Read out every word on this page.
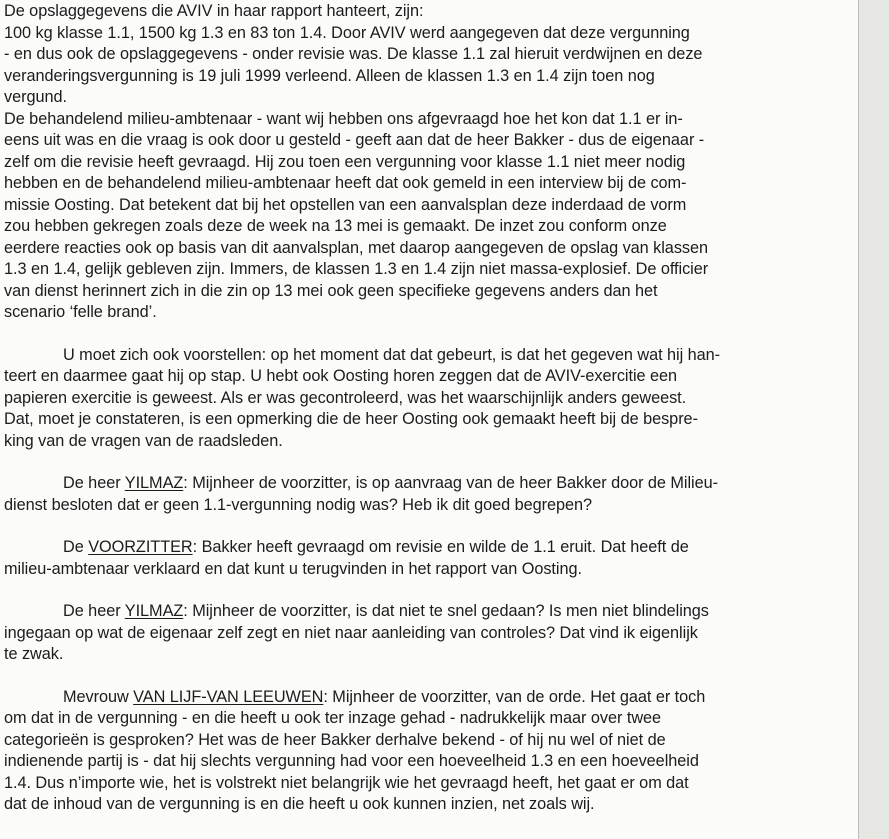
De opslaggegevens die AVIV in haar rapport hanteert, zijn:
100 kg klasse 1.1, 1500 kg 1.3 en 83 ton 1.4. Door AVIV werd aangegeven dat deze vergunning
- en dus ook de opslaggegevens - onder revisie was. De klasse 1.1 zal hieruit verdwijnen en deze
veranderingsvergunning is 19 juli 1999 verleend. Alleen de klassen 1.3 en 1.4 zijn toen nog
vergund.

De behandelend milieu-ambtenaar - want wij hebben ons afgevraagd hoe het kon dat 1.1 er in-
eens uit was en die vraag is ook door u gesteld - geeft aan dat de heer Bakker - dus de eigenaar -
zelf om die revisie heeft gevraagd. Hij zou toen een vergunning voor klasse 1.1 niet meer nodig
hebben en de behandelend milieu-ambtenaar heeft dat ook gemeld in een interview bij de com-
missie Oosting. Dat betekent dat bij het opstellen van een aanvalsplan deze inderdaad de vorm
zou hebben gekregen zoals deze de week na 13 mei is gemaakt. De inzet zou conform onze
eerdere reacties ook op basis van dit aanvalsplan, met daarop aangegeven de opslag van klassen
1.3 en 1.4, gelijk gebleven zijn. Immers, de klassen 1.3 en 1.4 zijn niet massa-explosief. De officier
van dienst herinnert zich in die zin op 13 mei ook geen specifieke gegevens anders dan het
scenario ‘felle brand’.

U moet zich ook voorstellen: op het moment dat dat gebeurt, is dat het gegeven wat hij han-
teert en daarmee gaat hij op stap. U hebt ook Oosting horen zeggen dat de AVIV-exercitie een
papieren exercitie is geweest. Als er was gecontroleerd, was het waarschijnlijk anders geweest.
Dat, moet je constateren, is een opmerking die de heer Oosting ook gemaakt heeft bij de bespre-
king van de vragen van de raadsleden.

De heer YILMAZ: Mijnheer de voorzitter, is op aanvraag van de heer Bakker door de Milieu-
dienst besloten dat er geen 1.1-vergunning nodig was? Heb ik dit goed begrepen?

De VOORZITTER: Bakker heeft gevraagd om revisie en wilde de 1.1 eruit. Dat heeft de
milieu-ambtenaar verklaard en dat kunt u terugvinden in het rapport van Oosting.

De heer YILMAZ: Mijnheer de voorzitter, is dat niet te snel gedaan? Is men niet blindelings
ingegaan op wat de eigenaar zelf zegt en niet naar aanleiding van controles? Dat vind ik eigenlijk
te zwak.

Mevrouw VAN LIJF-VAN LEEUWEN: Mijnheer de voorzitter, van de orde. Het gaat er toch
om dat in de vergunning - en die heeft u ook ter inzage gehad - nadrukkelijk maar over twee
categorieën is gesproken? Het was de heer Bakker derhalve bekend - of hij nu wel of niet de
indienende partij is - dat hij slechts vergunning had voor een hoeveelheid 1.3 en een hoeveelheid
1.4. Dus n’importe wie, het is volstrekt niet belangrijk wie het gevraagd heeft, het gaat er om dat
dat de inhoud van de vergunning is en die heeft u ook kunnen inzien, net zoals wij.
